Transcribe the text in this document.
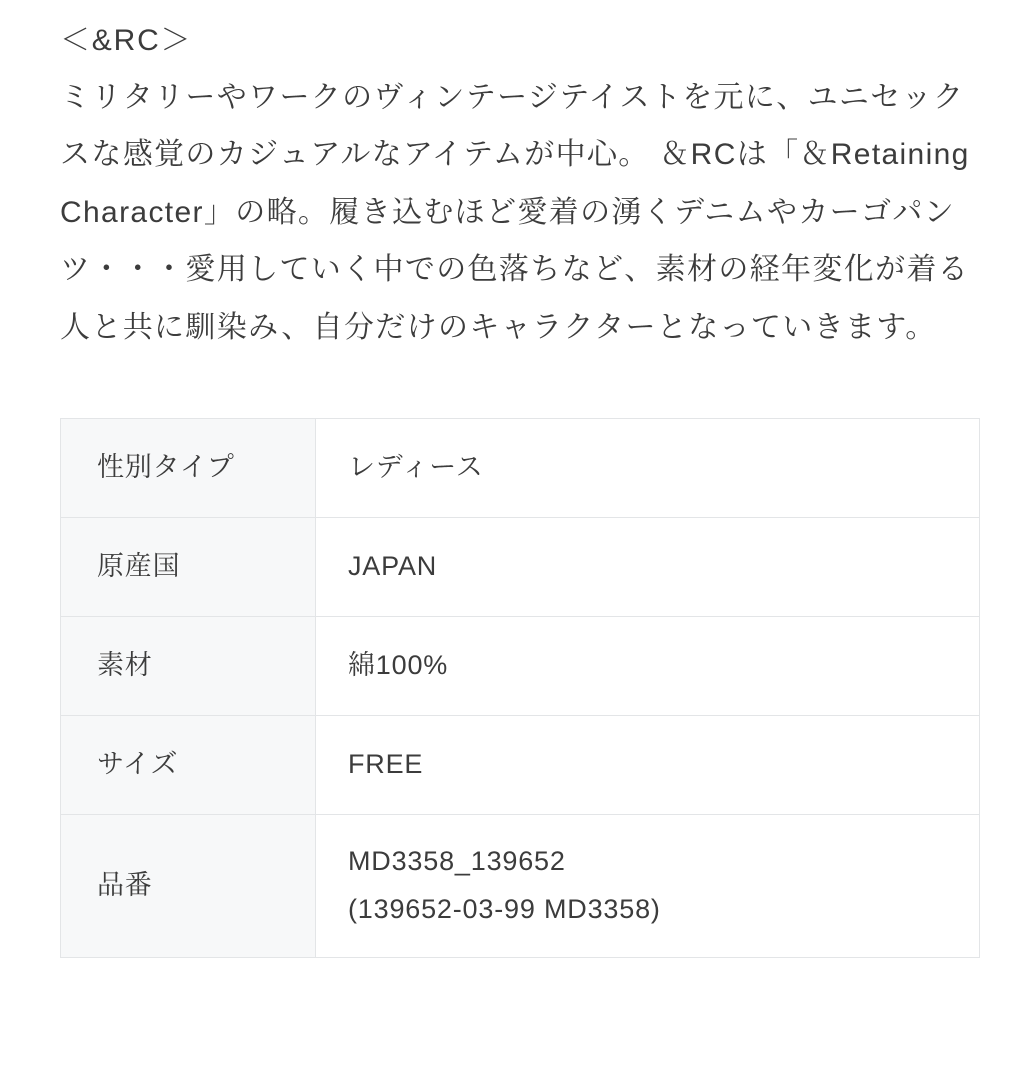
＜&RC＞

ミリタリーやワークのヴィンテージテイストを元に、ユニセックスな感覚のカジュアルなアイテムが中心。 ＆RCは「＆Retaining Character」の略。履き込むほど愛着の湧くデニムやカーゴパンツ・・・愛用していく中での色落ちなど、素材の経年変化が着る人と共に馴染み、自分だけのキャラクターとなっていきます。

性別タイプ	レディース
原産国	JAPAN
素材	綿100%
サイズ	FREE
品番	MD3358_139652
(139652-03-99 MD3358)
